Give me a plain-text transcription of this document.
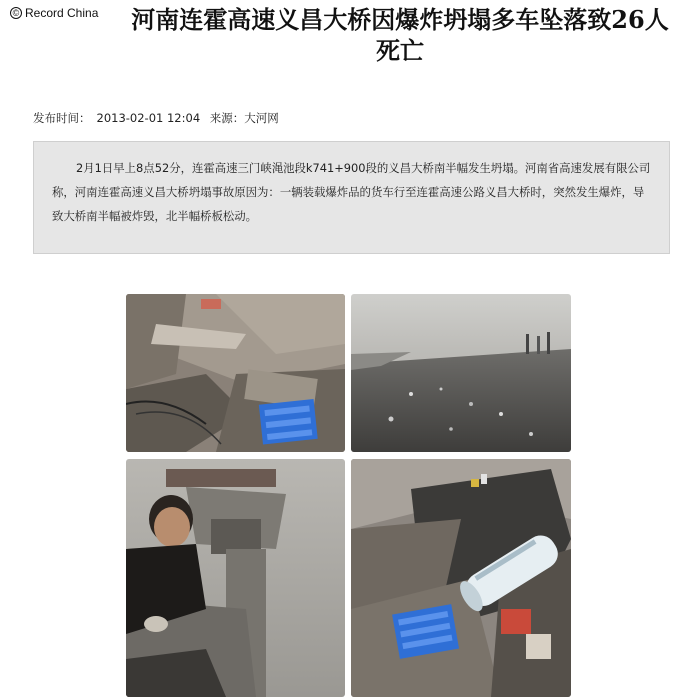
© Record China	河南连霍高速义昌大桥因爆炸坍塌多车坠落致26人死亡
发布时间： 2013-02-01 12:04 来源：大河网
2月1日早上8点52分，连霍高速三门峡渑池段k741+900段的义昌大桥南半幅发生坍塌。河南省高速发展有限公司称，河南连霍高速义昌大桥坍塌事故原因为：一辆装载爆炸品的货车行至连霍高速公路义昌大桥时，突然发生爆炸，导致大桥南半幅被炸毁，北半幅桥板松动。
